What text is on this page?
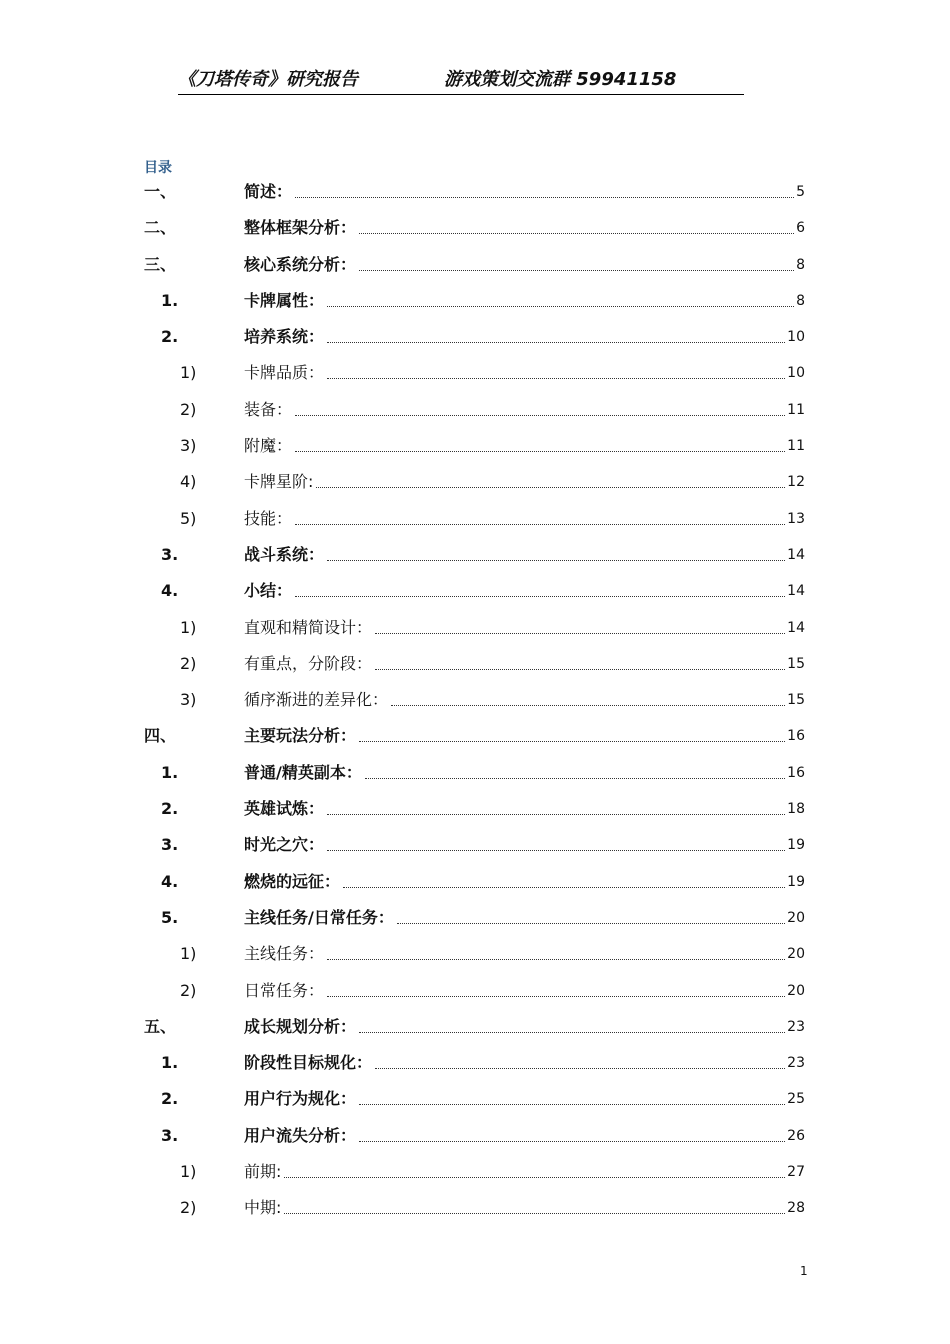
《刀塔传奇》研究报告	游戏策划交流群 59941158
目录
一、	简述：	5
二、	整体框架分析：	6
三、	核心系统分析：	8
1.	卡牌属性：	8
2.	培养系统：	10
1)	卡牌品质：	10
2)	装备：	11
3)	附魔：	11
4)	卡牌星阶:	12
5)	技能：	13
3.	战斗系统：	14
4.	小结：	14
1)	直观和精简设计：	14
2)	有重点，分阶段：	15
3)	循序渐进的差异化：	15
四、	主要玩法分析：	16
1.	普通/精英副本：	16
2.	英雄试炼：	18
3.	时光之穴：	19
4.	燃烧的远征：	19
5.	主线任务/日常任务：	20
1)	主线任务：	20
2)	日常任务：	20
五、	成长规划分析：	23
1.	阶段性目标规化：	23
2.	用户行为规化：	25
3.	用户流失分析：	26
1)	前期:	27
2)	中期:	28
1
